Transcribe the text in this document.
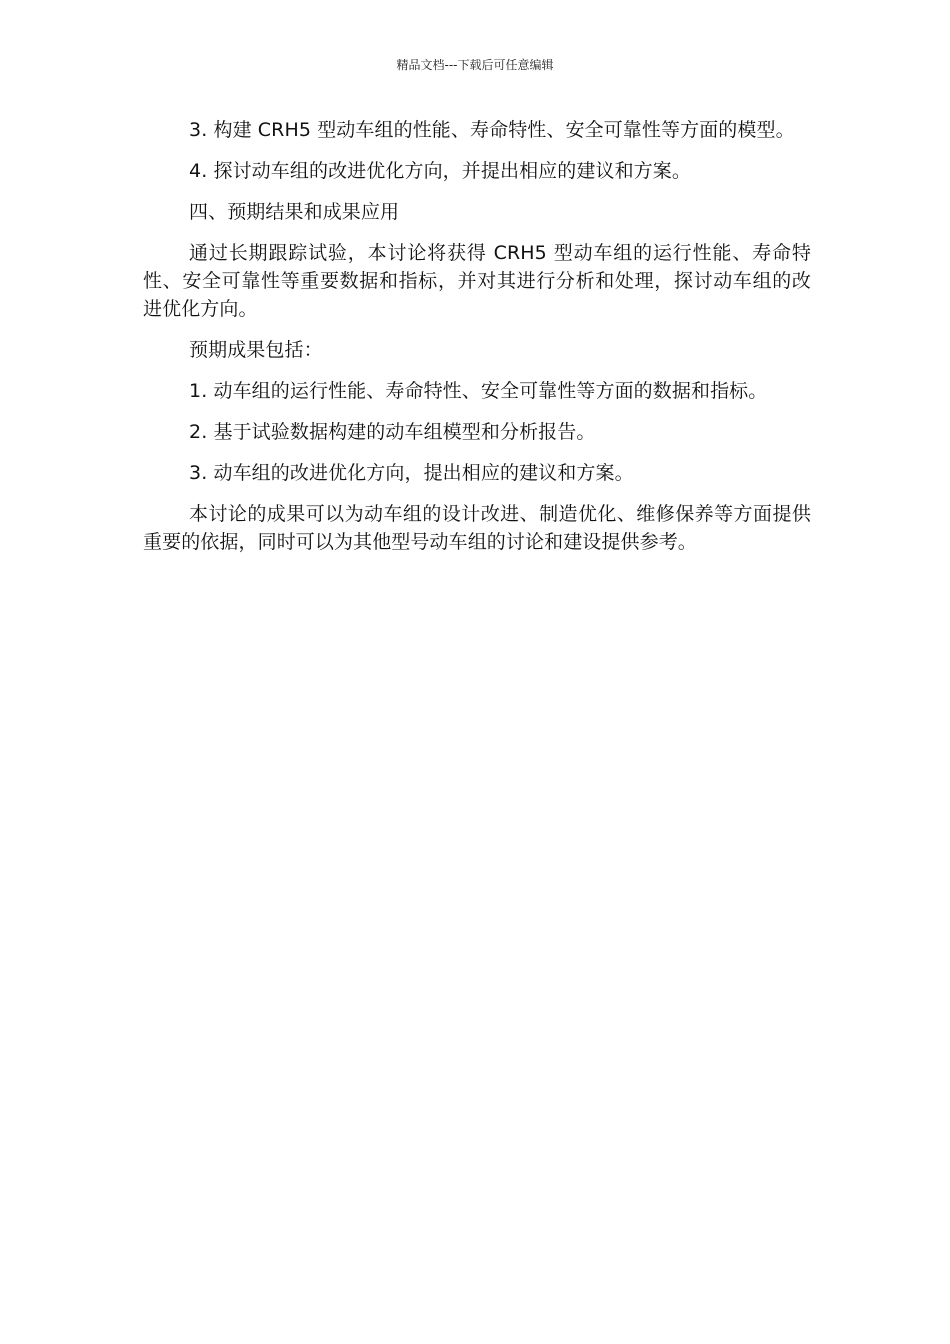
精品文档---下载后可任意编辑

3. 构建 CRH5 型动车组的性能、寿命特性、安全可靠性等方面的模型。

4. 探讨动车组的改进优化方向，并提出相应的建议和方案。

四、预期结果和成果应用

通过长期跟踪试验，本讨论将获得 CRH5 型动车组的运行性能、寿命特性、安全可靠性等重要数据和指标，并对其进行分析和处理，探讨动车组的改进优化方向。

预期成果包括：

1. 动车组的运行性能、寿命特性、安全可靠性等方面的数据和指标。

2. 基于试验数据构建的动车组模型和分析报告。

3. 动车组的改进优化方向，提出相应的建议和方案。

本讨论的成果可以为动车组的设计改进、制造优化、维修保养等方面提供重要的依据，同时可以为其他型号动车组的讨论和建设提供参考。
